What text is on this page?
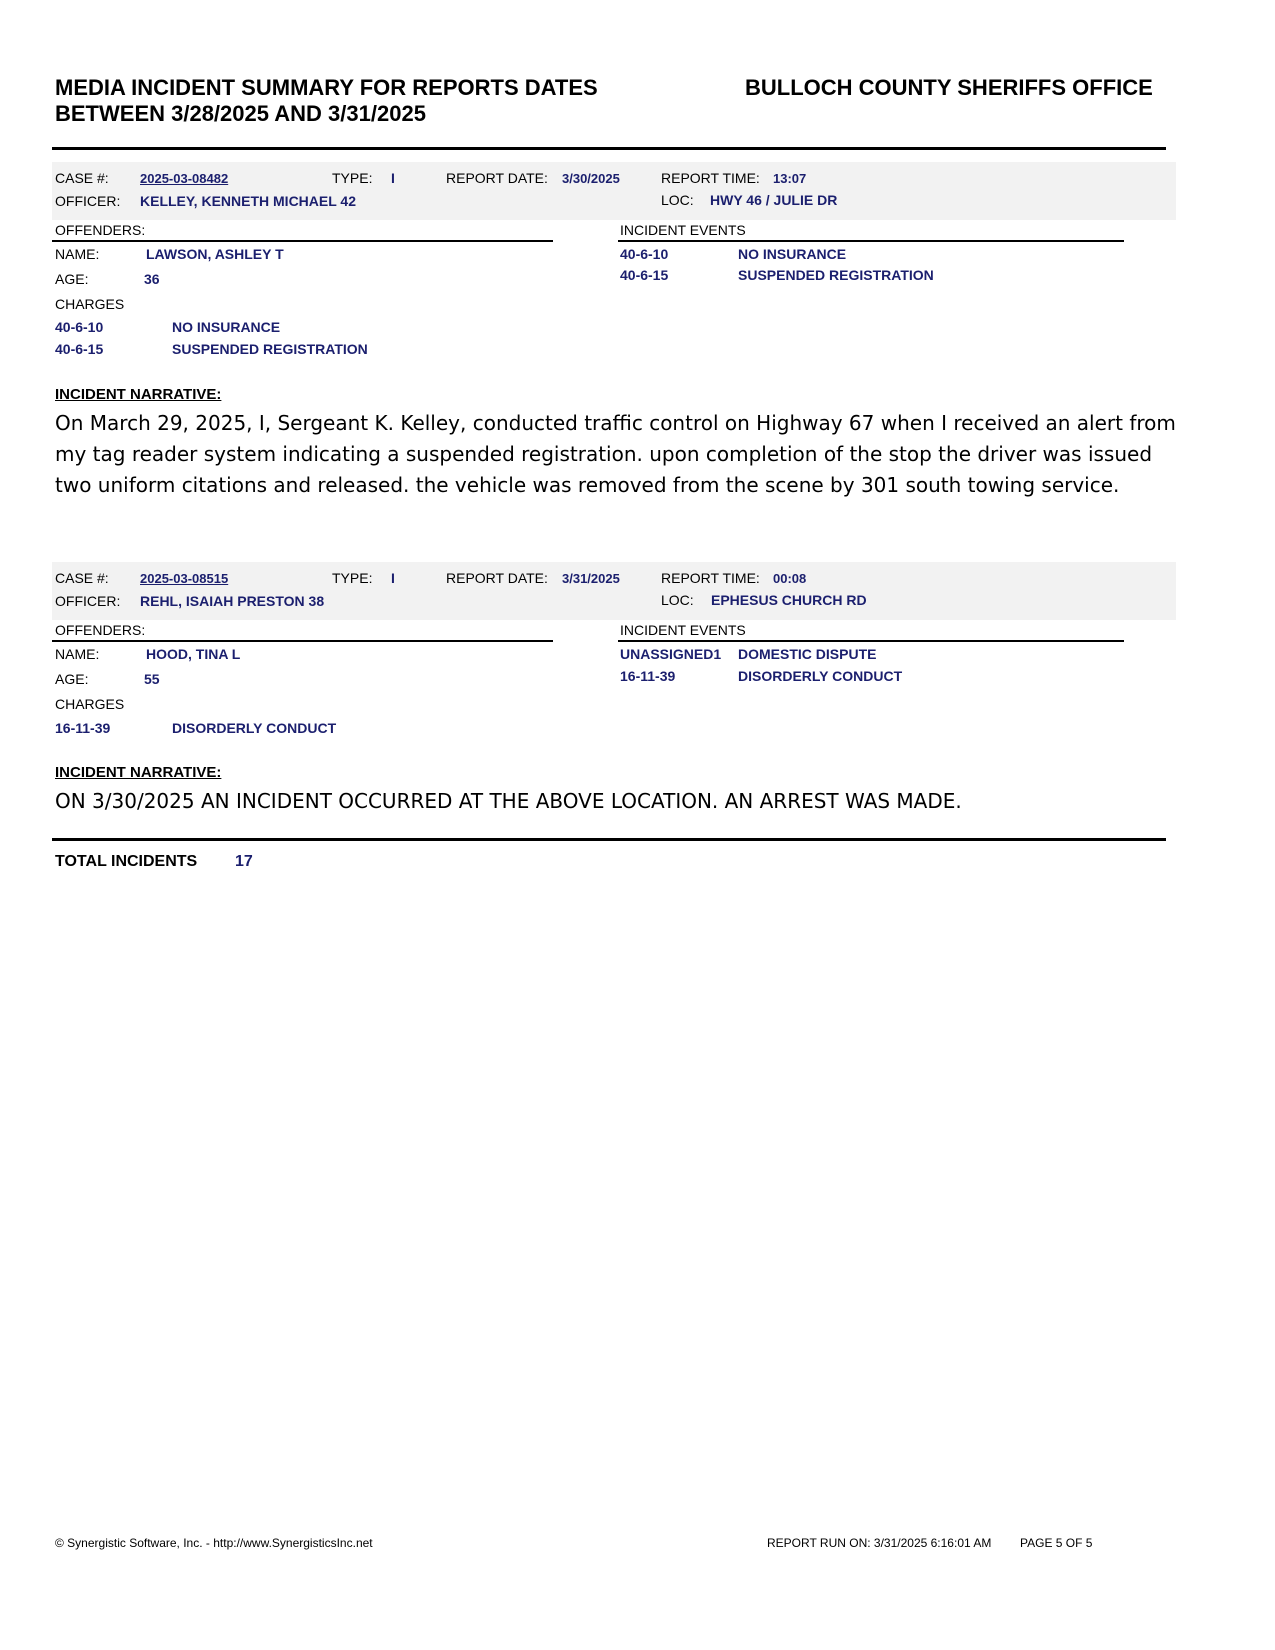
MEDIA INCIDENT SUMMARY FOR REPORTS DATES
BETWEEN 3/28/2025 AND 3/31/2025
BULLOCH COUNTY SHERIFFS OFFICE
CASE #: 2025-03-08482	TYPE: I	REPORT DATE: 3/30/2025	REPORT TIME: 13:07
OFFICER: KELLEY, KENNETH MICHAEL 42	LOC: HWY 46 / JULIE DR
OFFENDERS:	INCIDENT EVENTS
NAME:	LAWSON, ASHLEY T
AGE:	36
CHARGES
40-6-10	NO INSURANCE
40-6-15	SUSPENDED REGISTRATION
40-6-10	NO INSURANCE
40-6-15	SUSPENDED REGISTRATION
INCIDENT NARRATIVE:
On March 29, 2025, I, Sergeant K. Kelley, conducted traffic control on Highway 67 when I received an alert from my tag reader system indicating a suspended registration. upon completion of the stop the driver was issued two uniform citations and released. the vehicle was removed from the scene by 301 south towing service.
CASE #: 2025-03-08515	TYPE: I	REPORT DATE: 3/31/2025	REPORT TIME: 00:08
OFFICER: REHL, ISAIAH PRESTON 38	LOC: EPHESUS CHURCH RD
OFFENDERS:	INCIDENT EVENTS
NAME:	HOOD, TINA L
AGE:	55
CHARGES
16-11-39	DISORDERLY CONDUCT
UNASSIGNED1 DOMESTIC DISPUTE
16-11-39	DISORDERLY CONDUCT
INCIDENT NARRATIVE:
ON 3/30/2025 AN INCIDENT OCCURRED AT THE ABOVE LOCATION. AN ARREST WAS MADE.
TOTAL INCIDENTS 17
© Synergistic Software, Inc. - http://www.SynergisticsInc.net	REPORT RUN ON: 3/31/2025 6:16:01 AM PAGE 5 OF 5
